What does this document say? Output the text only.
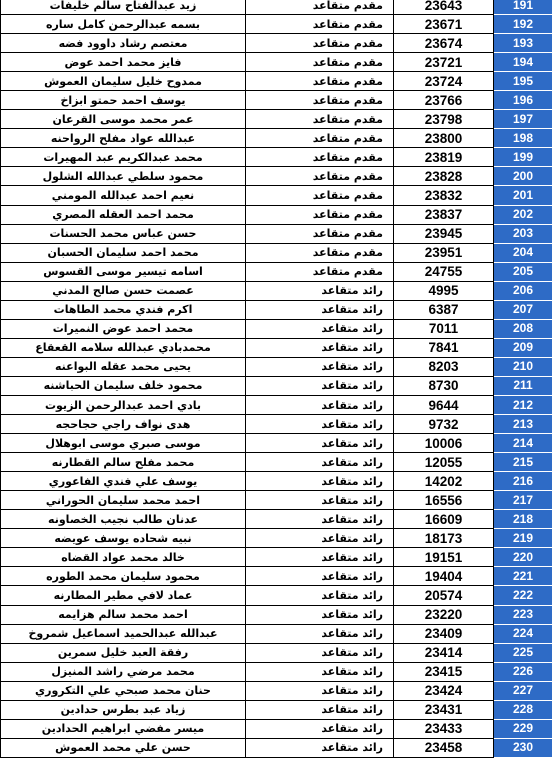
زيد عبدالفتاح سالم خليفات	مقدم متقاعد	23643	191
بسمه عبدالرحمن كامل ساره	مقدم متقاعد	23671	192
معتصم رشاد داوود فضه	مقدم متقاعد	23674	193
فايز محمد احمد عوض	مقدم متقاعد	23721	194
ممدوح خليل سليمان العموش	مقدم متقاعد	23724	195
يوسف احمد حمتو ابزاخ	مقدم متقاعد	23766	196
عمر محمد موسى القرعان	مقدم متقاعد	23798	197
عبدالله عواد مفلح الرواحنه	مقدم متقاعد	23800	198
محمد عبدالكريم عبد المهيرات	مقدم متقاعد	23819	199
محمود سلطي عبدالله الشلول	مقدم متقاعد	23828	200
نعيم احمد عبدالله المومني	مقدم متقاعد	23832	201
محمد احمد العقله المصري	مقدم متقاعد	23837	202
حسن عباس محمد الحسنات	مقدم متقاعد	23945	203
محمد احمد سليمان الحسبان	مقدم متقاعد	23951	204
اسامه تيسير موسى القسوس	مقدم متقاعد	24755	205
عصمت حسن صالح المدني	رائد متقاعد	4995	206
اكرم فندي محمد الطاهات	رائد متقاعد	6387	207
محمد احمد عوض النميرات	رائد متقاعد	7011	208
محمدبادي عبدالله سلامه القعقاع	رائد متقاعد	7841	209
يحيى محمد عقله البواعنه	رائد متقاعد	8203	210
محمود خلف سليمان الحباشنه	رائد متقاعد	8730	211
بادي احمد عبدالرحمن الزيوت	رائد متقاعد	9644	212
هدى نواف راجي حجاحجه	رائد متقاعد	9732	213
موسى صبري موسى ابوهلال	رائد متقاعد	10006	214
محمد مفلح سالم القطارنه	رائد متقاعد	12055	215
يوسف علي فندي الفاعوري	رائد متقاعد	14202	216
احمد محمد سليمان الحوراني	رائد متقاعد	16556	217
عدنان طالب نجيب الخصاونه	رائد متقاعد	16609	218
نبيه شحاده يوسف عويضه	رائد متقاعد	18173	219
خالد محمد عواد القضاه	رائد متقاعد	19151	220
محمود سليمان محمد الطوره	رائد متقاعد	19404	221
عماد لافي مطير المطارنه	رائد متقاعد	20574	222
احمد محمد سالم هزايمه	رائد متقاعد	23220	223
عبدالله عبدالحميد اسماعيل شمروخ	رائد متقاعد	23409	224
رفقة العبد خليل سمرين	رائد متقاعد	23414	225
محمد مرضي راشد المنيزل	رائد متقاعد	23415	226
حنان محمد صبحي علي التكروري	رائد متقاعد	23424	227
زياد عبد بطرس حدادين	رائد متقاعد	23431	228
ميسر مفضي ابراهيم الحدادين	رائد متقاعد	23433	229
حسن علي محمد العموش	رائد متقاعد	23458	230
